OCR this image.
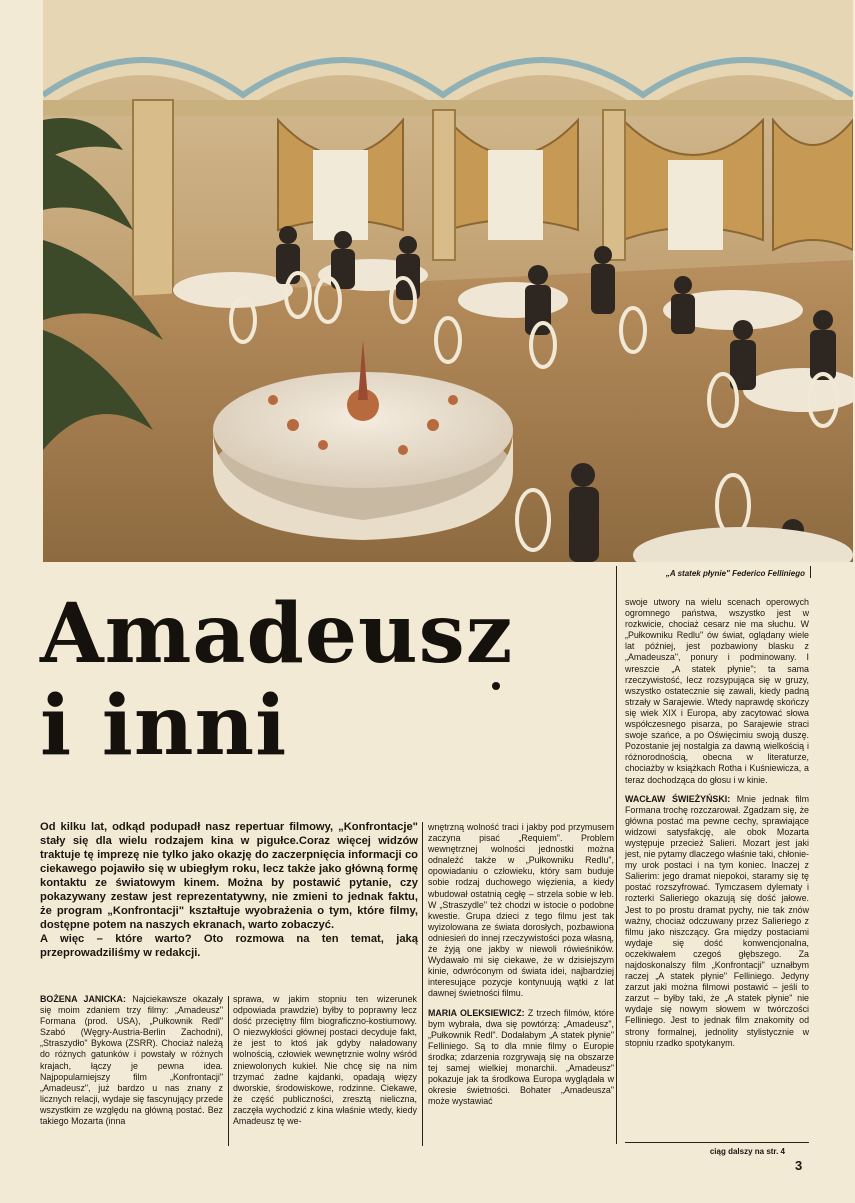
„A statek płynie" Federico Felliniego
Amadeusz
i inni

Od kilku lat, odkąd podupadł nasz repertuar filmowy, „Konfrontacje" stały się dla wielu rodzajem kina w pigułce.Coraz więcej widzów traktuje tę imprezę nie tylko jako okazję do zaczerpnięcia informacji co ciekawego pojawiło się w ubiegłym roku, lecz także jako główną formę kontaktu ze światowym kinem. Można by postawić pytanie, czy pokazywany zestaw jest reprezentatywny, nie zmieni to jednak faktu, że program „Konfrontacji" kształtuje wyobrażenia o tym, które filmy, dostępne potem na naszych ekranach, warto zobaczyć.

A więc – które warto? Oto rozmowa na ten temat, jaką przeprowadziliśmy w redakcji.

BOŻENA JANICKA: Najciekawsze okazały się moim zdaniem trzy filmy: „Amadeusz" Formana (prod. USA), „Pułkownik Redl" Szabó (Węgry-Austria-Berlin Zachodni), „Straszydło" Bykowa (ZSRR). Chociaż należą do różnych gatunków i powstały w różnych krajach, łączy je pewna idea. Najpopularniejszy film „Konfrontacji" „Amadeusz", już bardzo u nas znany z licznych relacji, wydaje się fascynujący przede wszystkim ze względu na główną postać. Bez takiego Mozarta (inna

sprawa, w jakim stopniu ten wizerunek odpowiada prawdzie) byłby to poprawny lecz dość przeciętny film biograficzno-kostiumowy. O niezwykłości głównej postaci decyduje fakt, że jest to ktoś jak gdyby naładowany wolnością, człowiek wewnętrznie wolny wśród zniewolonych kukieł. Nie chcę się na nim trzymać żadne kajdanki, opadają więzy dworskie, środowiskowe, rodzinne. Ciekawe, że część publiczności, zresztą nieliczna, zaczęła wychodzić z kina właśnie wtedy, kiedy Amadeusz tę we-

wnętrzną wolność traci i jakby pod przymusem zaczyna pisać „Requiem". Problem wewnętrznej wolności jednostki można odnaleźć także w „Pułkowniku Redlu", opowiadaniu o człowieku, który sam buduje sobie rodzaj duchowego więzienia, a kiedy wbudował ostatnią cegłę – strzela sobie w łeb. W „Straszydle" też chodzi w istocie o podobne kwestie. Grupa dzieci z tego filmu jest tak wyizolowana ze świata dorosłych, pozbawiona odniesień do innej rzeczywistości poza własną, że żyją one jakby w niewoli rówieśników. Wydawało mi się ciekawe, że w dzisiejszym kinie, odwróconym od świata idei, najbardziej interesujące pozycje kontynuują wątki z lat dawnej świetności filmu.

MARIA OLEKSIEWICZ: Z trzech filmów, które bym wybrała, dwa się powtórzą: „Amadeusz", „Pułkownik Redl". Dodałabym „A statek płynie" Felliniego. Są to dla mnie filmy o Europie środka; zdarzenia rozgrywają się na obszarze tej samej wielkiej monarchii. „Amadeusz" pokazuje jak ta środkowa Europa wyglądała w okresie świetności. Bohater „Amadeusza" może wystawiać

swoje utwory na wielu scenach operowych ogromnego państwa, wszystko jest w rozkwicie, chociaż cesarz nie ma słuchu. W „Pułkowniku Redlu" ów świat, oglądany wiele lat później, jest pozbawiony blasku z „Amadeusza", ponury i podminowany. I wreszcie „A statek płynie"; ta sama rzeczywistość, lecz rozsypująca się w gruzy, wszystko ostatecznie się zawali, kiedy padną strzały w Sarajewie. Wtedy naprawdę skończy się wiek XIX i Europa, aby zacytować słowa współczesnego pisarza, po Sarajewie straci swoje szańce, a po Oświęcimiu swoją duszę. Pozostanie jej nostalgia za dawną wielkością i różnorodnością, obecna w literaturze, chociażby w książkach Rotha i Kuśniewicza, a teraz dochodząca do głosu i w kinie.

WACŁAW ŚWIEŻYŃSKI: Mnie jednak film Formana trochę rozczarował. Zgadzam się, że główna postać ma pewne cechy, sprawiające widzowi satysfakcję, ale obok Mozarta występuje przecież Salieri. Mozart jest jaki jest, nie pytamy dlaczego właśnie taki, chłonie-my urok postaci i na tym koniec. Inaczej z Salierim: jego dramat niepokoi, staramy się tę postać rozszyfrować. Tymczasem dylematy i rozterki Salieriego okazują się dość jałowe. Jest to po prostu dramat pychy, nie tak znów ważny, chociaż odczuwany przez Salieriego z filmu jako niszczący. Gra między postaciami wydaje się dość konwencjonalna, oczekiwałem czegoś głębszego. Za najdoskonalszy film „Konfrontacji" uznałbym raczej „A statek płynie" Felliniego. Jedyny zarzut jaki można filmowi postawić – jeśli to zarzut – byłby taki, że „A statek płynie" nie wydaje się nowym słowem w twórczości Felliniego. Jest to jednak film znakomity od strony formalnej, jednolity stylistycznie w stopniu rzadko spotykanym.

ciąg dalszy na str. 4
3
